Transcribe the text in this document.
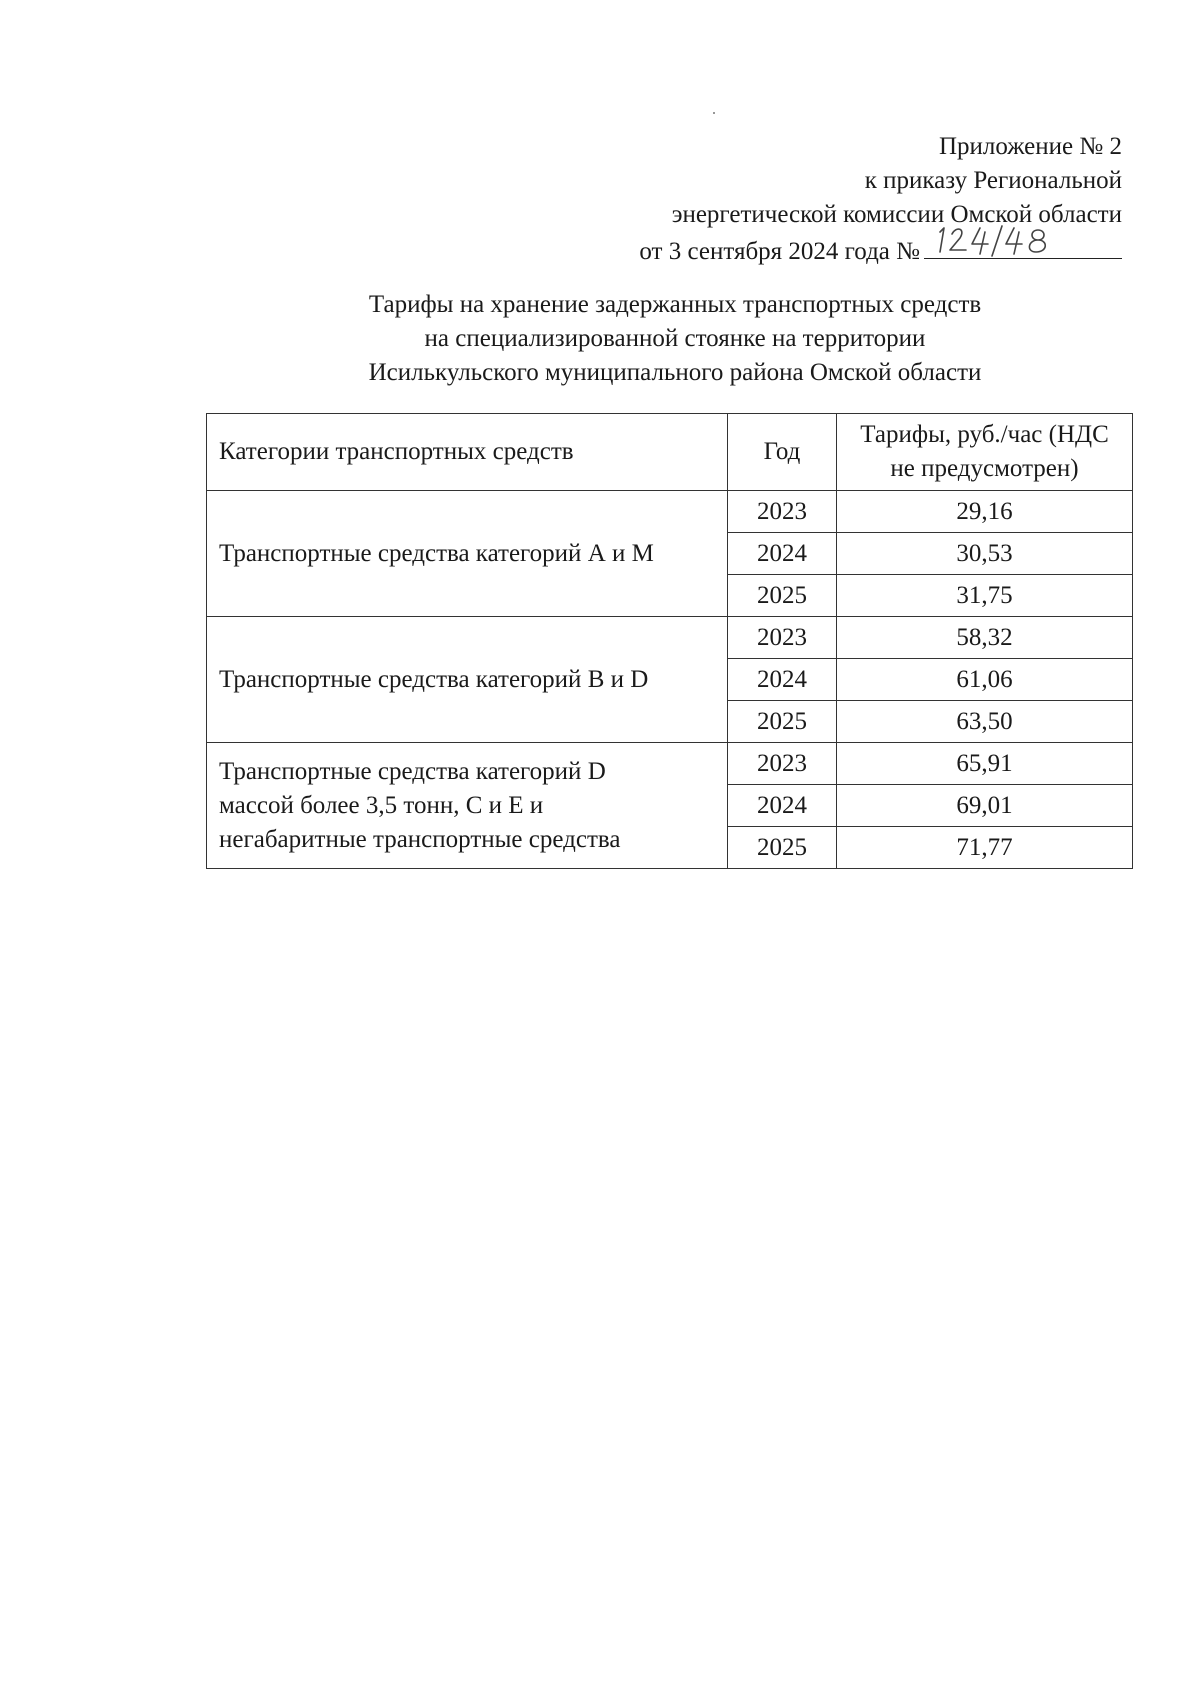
Приложение № 2
к приказу Региональной
энергетической комиссии Омской области
от 3 сентября 2024 года №
Тарифы на хранение задержанных транспортных средств
на специализированной стоянке на территории
Исилькульского муниципального района Омской области
Категории транспортных средств	Год	Тарифы, руб./час (НДС
не предусмотрен)
Транспортные средства категорий А и М	2023	29,16
	2024	30,53
	2025	31,75
Транспортные средства категорий В и D	2023	58,32
	2024	61,06
	2025	63,50
Транспортные средства категорий D
массой более 3,5 тонн, С и Е и
негабаритные транспортные средства	2023	65,91
	2024	69,01
	2025	71,77
